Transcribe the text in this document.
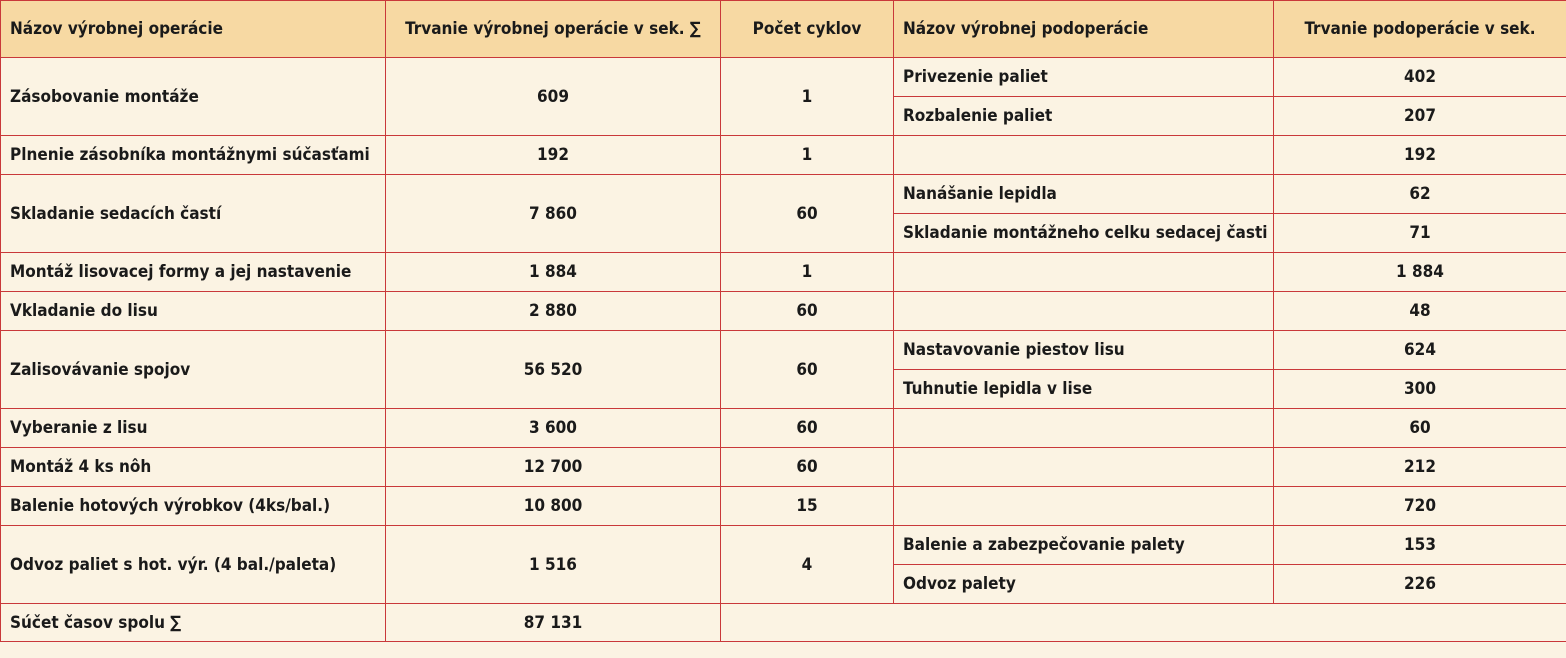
Názov výrobnej operácie	Trvanie výrobnej operácie v sek. ∑	Počet cyklov	Názov výrobnej podoperácie	Trvanie podoperácie v sek.
Zásobovanie montáže	609	1	Privezenie paliet	402
			Rozbalenie paliet	207
Plnenie zásobníka montážnymi súčasťami	192	1		192
Skladanie sedacích častí	7 860	60	Nanášanie lepidla	62
			Skladanie montážneho celku sedacej časti	71
Montáž lisovacej formy a jej nastavenie	1 884	1		1 884
Vkladanie do lisu	2 880	60		48
Zalisovávanie spojov	56 520	60	Nastavovanie piestov lisu	624
			Tuhnutie lepidla v lise	300
Vyberanie z lisu	3 600	60		60
Montáž 4 ks nôh	12 700	60		212
Balenie hotových výrobkov (4ks/bal.)	10 800	15		720
Odvoz paliet s hot. výr. (4 bal./paleta)	1 516	4	Balenie a zabezpečovanie palety	153
			Odvoz palety	226
Súčet časov spolu ∑	87 131			
